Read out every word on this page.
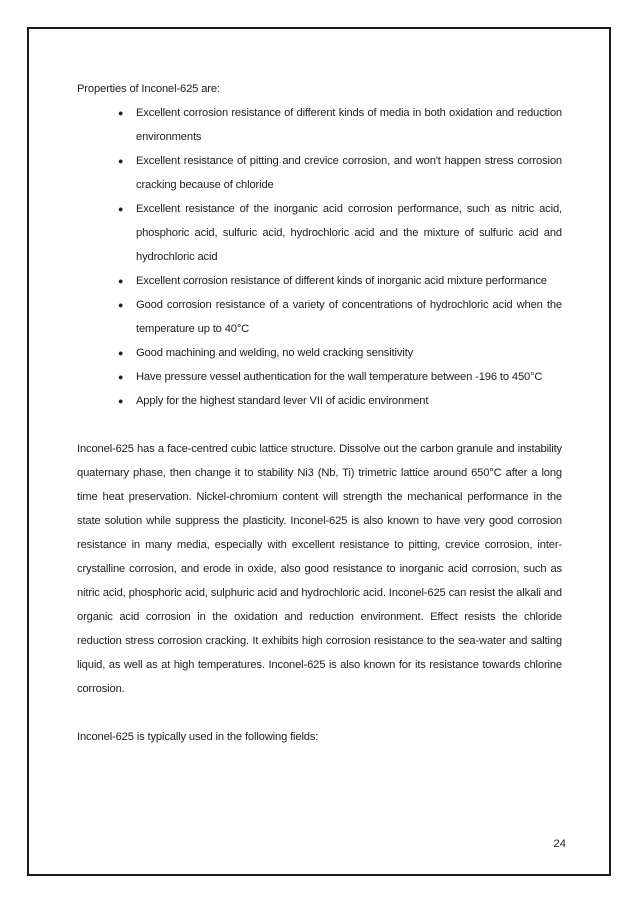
Properties of Inconel-625 are:

● Excellent corrosion resistance of different kinds of media in both oxidation and reduction environments
● Excellent resistance of pitting and crevice corrosion, and won't happen stress corrosion cracking because of chloride
● Excellent resistance of the inorganic acid corrosion performance, such as nitric acid, phosphoric acid, sulfuric acid, hydrochloric acid and the mixture of sulfuric acid and hydrochloric acid
● Excellent corrosion resistance of different kinds of inorganic acid mixture performance
● Good corrosion resistance of a variety of concentrations of hydrochloric acid when the temperature up to 40°C
● Good machining and welding, no weld cracking sensitivity
● Have pressure vessel authentication for the wall temperature between -196 to 450°C
● Apply for the highest standard lever VII of acidic environment

Inconel-625 has a face-centred cubic lattice structure. Dissolve out the carbon granule and instability quaternary phase, then change it to stability Ni3 (Nb, Ti) trimetric lattice around 650°C after a long time heat preservation. Nickel-chromium content will strength the mechanical performance in the state solution while suppress the plasticity. Inconel-625 is also known to have very good corrosion resistance in many media, especially with excellent resistance to pitting, crevice corrosion, inter-crystalline corrosion, and erode in oxide, also good resistance to inorganic acid corrosion, such as nitric acid, phosphoric acid, sulphuric acid and hydrochloric acid. Inconel-625 can resist the alkali and organic acid corrosion in the oxidation and reduction environment. Effect resists the chloride reduction stress corrosion cracking. It exhibits high corrosion resistance to the sea-water and salting liquid, as well as at high temperatures. Inconel-625 is also known for its resistance towards chlorine corrosion.

Inconel-625 is typically used in the following fields:

24
